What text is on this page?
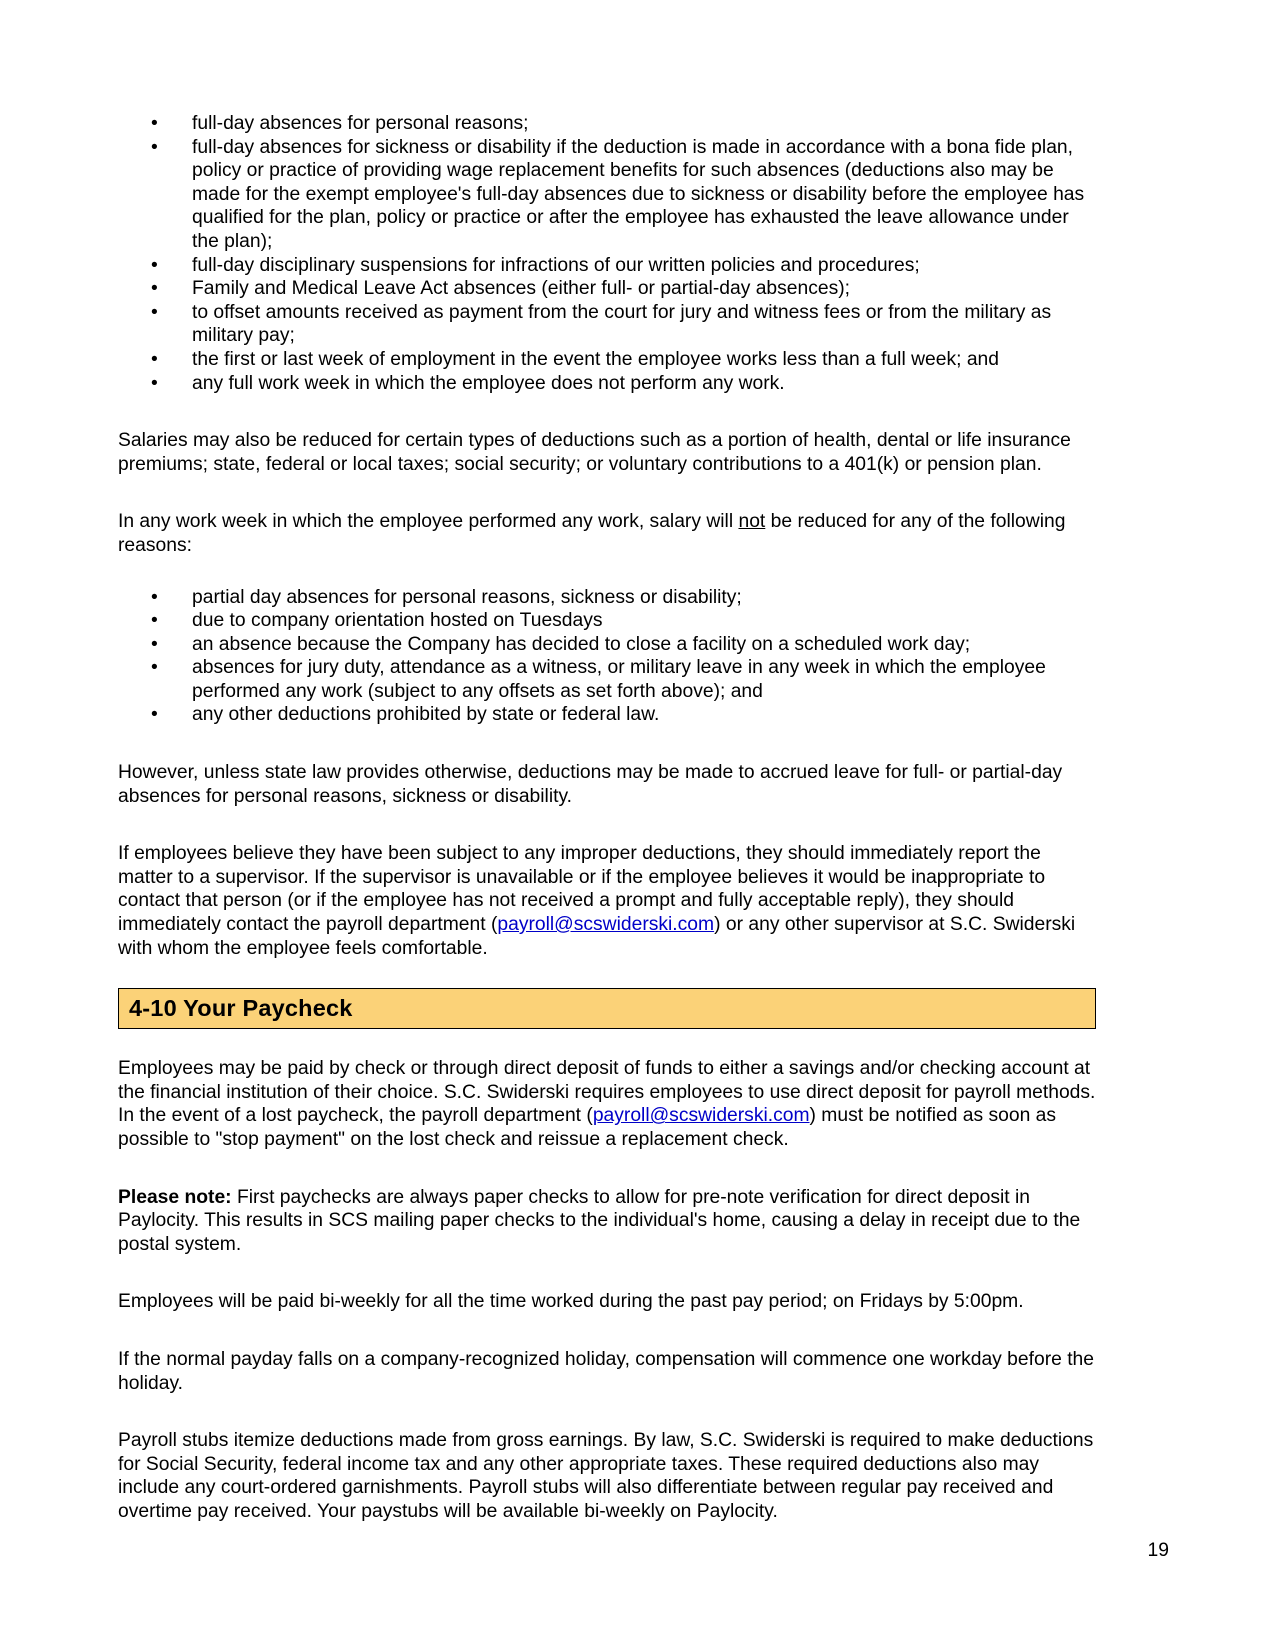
• full-day absences for personal reasons;
• full-day absences for sickness or disability if the deduction is made in accordance with a bona fide plan, policy or practice of providing wage replacement benefits for such absences (deductions also may be made for the exempt employee's full-day absences due to sickness or disability before the employee has qualified for the plan, policy or practice or after the employee has exhausted the leave allowance under the plan);
• full-day disciplinary suspensions for infractions of our written policies and procedures;
• Family and Medical Leave Act absences (either full- or partial-day absences);
• to offset amounts received as payment from the court for jury and witness fees or from the military as military pay;
• the first or last week of employment in the event the employee works less than a full week; and
• any full work week in which the employee does not perform any work.

Salaries may also be reduced for certain types of deductions such as a portion of health, dental or life insurance premiums; state, federal or local taxes; social security; or voluntary contributions to a 401(k) or pension plan.

In any work week in which the employee performed any work, salary will not be reduced for any of the following reasons:

• partial day absences for personal reasons, sickness or disability;
• due to company orientation hosted on Tuesdays
• an absence because the Company has decided to close a facility on a scheduled work day;
• absences for jury duty, attendance as a witness, or military leave in any week in which the employee performed any work (subject to any offsets as set forth above); and
• any other deductions prohibited by state or federal law.

However, unless state law provides otherwise, deductions may be made to accrued leave for full- or partial-day absences for personal reasons, sickness or disability.

If employees believe they have been subject to any improper deductions, they should immediately report the matter to a supervisor. If the supervisor is unavailable or if the employee believes it would be inappropriate to contact that person (or if the employee has not received a prompt and fully acceptable reply), they should immediately contact the payroll department (payroll@scswiderski.com) or any other supervisor at S.C. Swiderski with whom the employee feels comfortable.

4-10 Your Paycheck

Employees may be paid by check or through direct deposit of funds to either a savings and/or checking account at the financial institution of their choice. S.C. Swiderski requires employees to use direct deposit for payroll methods. In the event of a lost paycheck, the payroll department (payroll@scswiderski.com) must be notified as soon as possible to "stop payment" on the lost check and reissue a replacement check.

Please note: First paychecks are always paper checks to allow for pre-note verification for direct deposit in Paylocity. This results in SCS mailing paper checks to the individual's home, causing a delay in receipt due to the postal system.

Employees will be paid bi-weekly for all the time worked during the past pay period; on Fridays by 5:00pm.

If the normal payday falls on a company-recognized holiday, compensation will commence one workday before the holiday.

Payroll stubs itemize deductions made from gross earnings. By law, S.C. Swiderski is required to make deductions for Social Security, federal income tax and any other appropriate taxes. These required deductions also may include any court-ordered garnishments. Payroll stubs will also differentiate between regular pay received and overtime pay received. Your paystubs will be available bi-weekly on Paylocity.

19
